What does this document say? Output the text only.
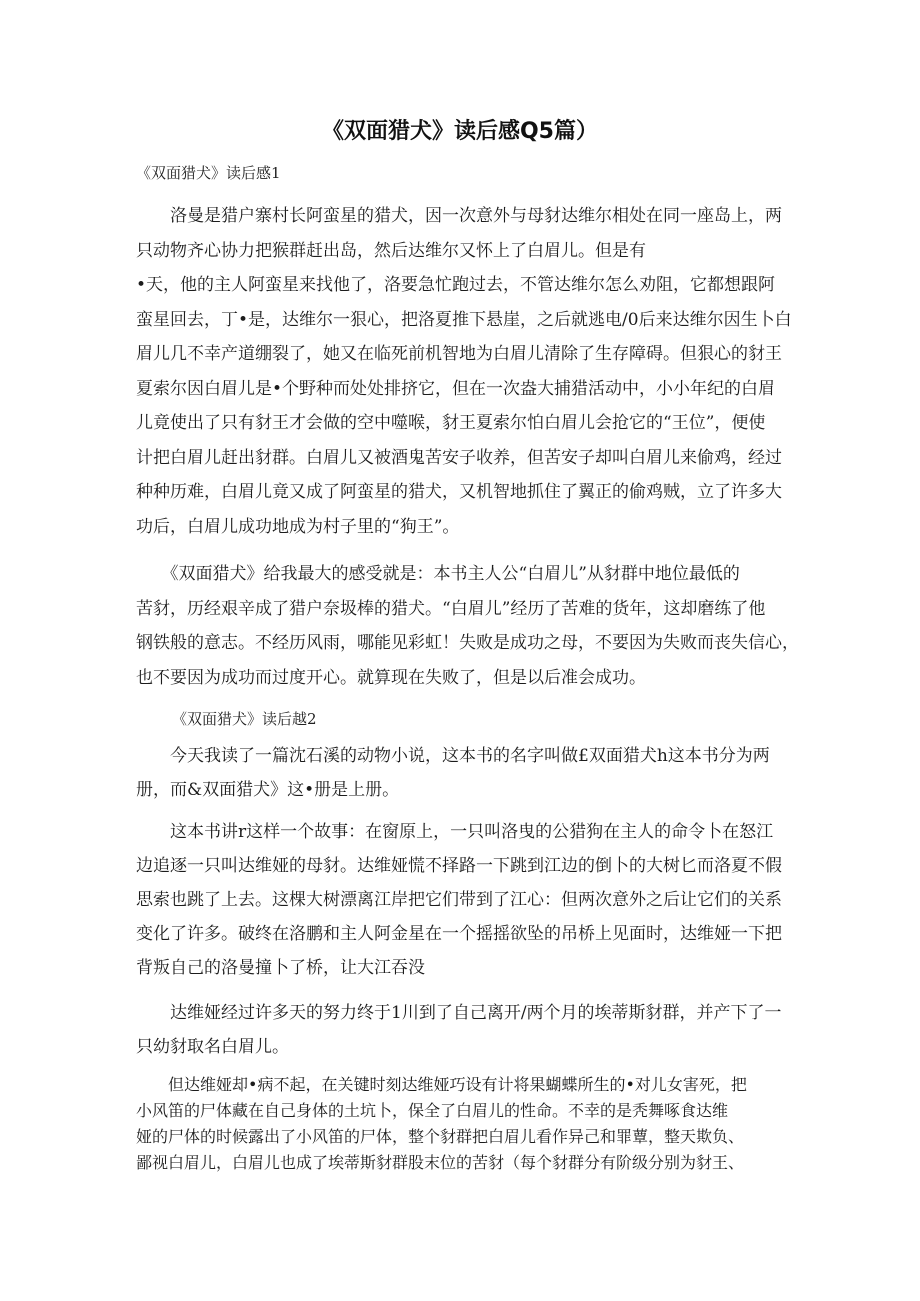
《双面猎犬》读后感Q5篇）
《双面猎犬》读后感1
　　洛曼是猎户寨村长阿蛮星的猎犬，因一次意外与母豺达维尔相处在同一座岛上，两
只动物齐心协力把猴群赶出岛，然后达维尔又怀上了白眉儿。但是有
•天，他的主人阿蛮星来找他了，洛要急忙跑过去，不管达维尔怎么劝阻，它都想跟阿
蛮星回去，丁•是，达维尔一狠心，把洛夏推下悬崖，之后就逃电/0后来达维尔因生卜白
眉儿几不幸产道绷裂了，她又在临死前机智地为白眉儿清除了生存障碍。但狠心的豺王
夏索尔因白眉儿是•个野种而处处排挤它，但在一次盎大捕猎活动中，小小年纪的白眉
儿竟使出了只有豺王才会做的空中噬喉，豺王夏索尔怕白眉儿会抢它的“王位”，便使
计把白眉儿赶出豺群。白眉儿又被酒鬼苦安子收养，但苦安子却叫白眉儿来偷鸡，经过
种种历难，白眉儿竟又成了阿蛮星的猎犬，又机智地抓住了翼正的偷鸡贼，立了许多大
功后，白眉儿成功地成为村子里的“狗王”。
　　《双面猎犬》给我最大的感受就是：本书主人公“白眉儿”从豺群中地位最低的
苦豺，历经艰辛成了猎户奈圾棒的猎犬。“白眉儿”经历了苦难的货年，这却磨练了他
钢铁般的意志。不经历风雨，哪能见彩虹！失败是成功之母，不要因为失败而丧失信心，
也不要因为成功而过度开心。就算现在失败了，但是以后准会成功。
《双面猎犬》读后越2
　　今天我读了一篇沈石溪的动物小说，这本书的名字叫做£双面猎犬h这本书分为两
册，而&双面猎犬》这•册是上册。
　　这本书讲r这样一个故事：在窗原上，一只叫洛曳的公猎狗在主人的命令卜在怒江
边追逐一只叫达维娅的母豺。达维娅慌不择路一下跳到江边的倒卜的大树匕而洛夏不假
思索也跳了上去。这棵大树漂离江岸把它们带到了江心：但两次意外之后让它们的关系
变化了许多。破终在洛鹏和主人阿金星在一个摇摇欲坠的吊桥上见面时，达维娅一下把
背叛自己的洛曼撞卜了桥，让大江吞没
　　达维娅经过许多天的努力终于1川到了自己离开/两个月的埃蒂斯豺群，并产下了一
只幼豺取名白眉儿。
　　但达维娅却•病不起，在关键时刻达维娅巧设有计将果蝴蝶所生的•对儿女害死，把
小风笛的尸体藏在自己身体的土坑卜，保全了白眉儿的性命。不幸的是秃舞啄食达维
娅的尸体的时候露出了小风笛的尸体，整个豺群把白眉儿看作异己和罪蕈，整天欺负、
鄙视白眉儿，白眉儿也成了埃蒂斯豺群股末位的苦豺（每个豺群分有阶级分别为豺王、
